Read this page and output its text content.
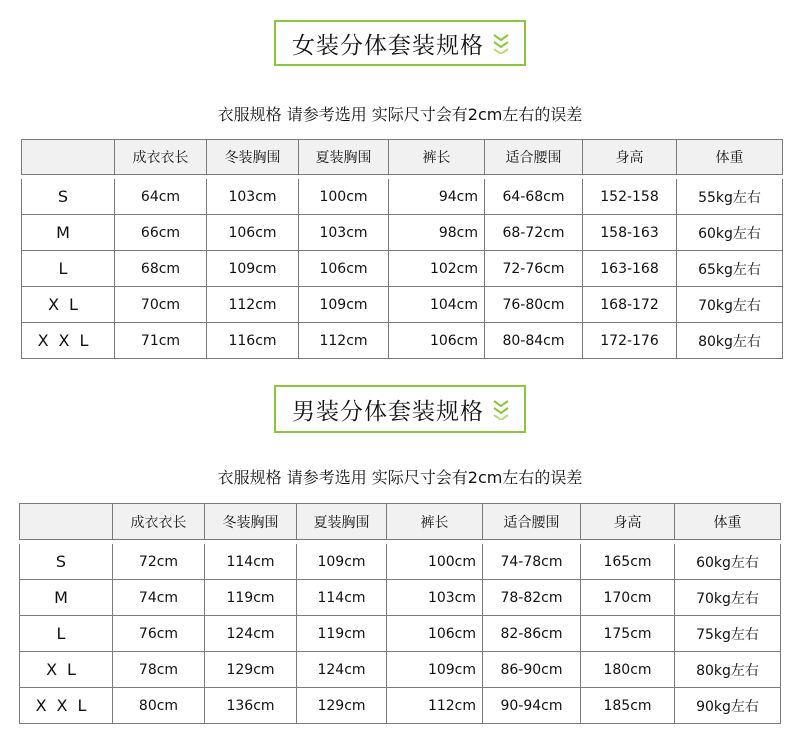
女装分体套装规格
衣服规格 请参考选用 实际尺寸会有2cm左右的误差
	成衣衣长	冬装胸围	夏装胸围	裤长	适合腰围	身高	体重

S	64cm	103cm	100cm	94cm	64-68cm	152-158	55kg左右
M	66cm	106cm	103cm	98cm	68-72cm	158-163	60kg左右
L	68cm	109cm	106cm	102cm	72-76cm	163-168	65kg左右
XL	70cm	112cm	109cm	104cm	76-80cm	168-172	70kg左右
XXL	71cm	116cm	112cm	106cm	80-84cm	172-176	80kg左右
男装分体套装规格
衣服规格 请参考选用 实际尺寸会有2cm左右的误差
	成衣衣长	冬装胸围	夏装胸围	裤长	适合腰围	身高	体重

S	72cm	114cm	109cm	100cm	74-78cm	165cm	60kg左右
M	74cm	119cm	114cm	103cm	78-82cm	170cm	70kg左右
L	76cm	124cm	119cm	106cm	82-86cm	175cm	75kg左右
XL	78cm	129cm	124cm	109cm	86-90cm	180cm	80kg左右
XXL	80cm	136cm	129cm	112cm	90-94cm	185cm	90kg左右
